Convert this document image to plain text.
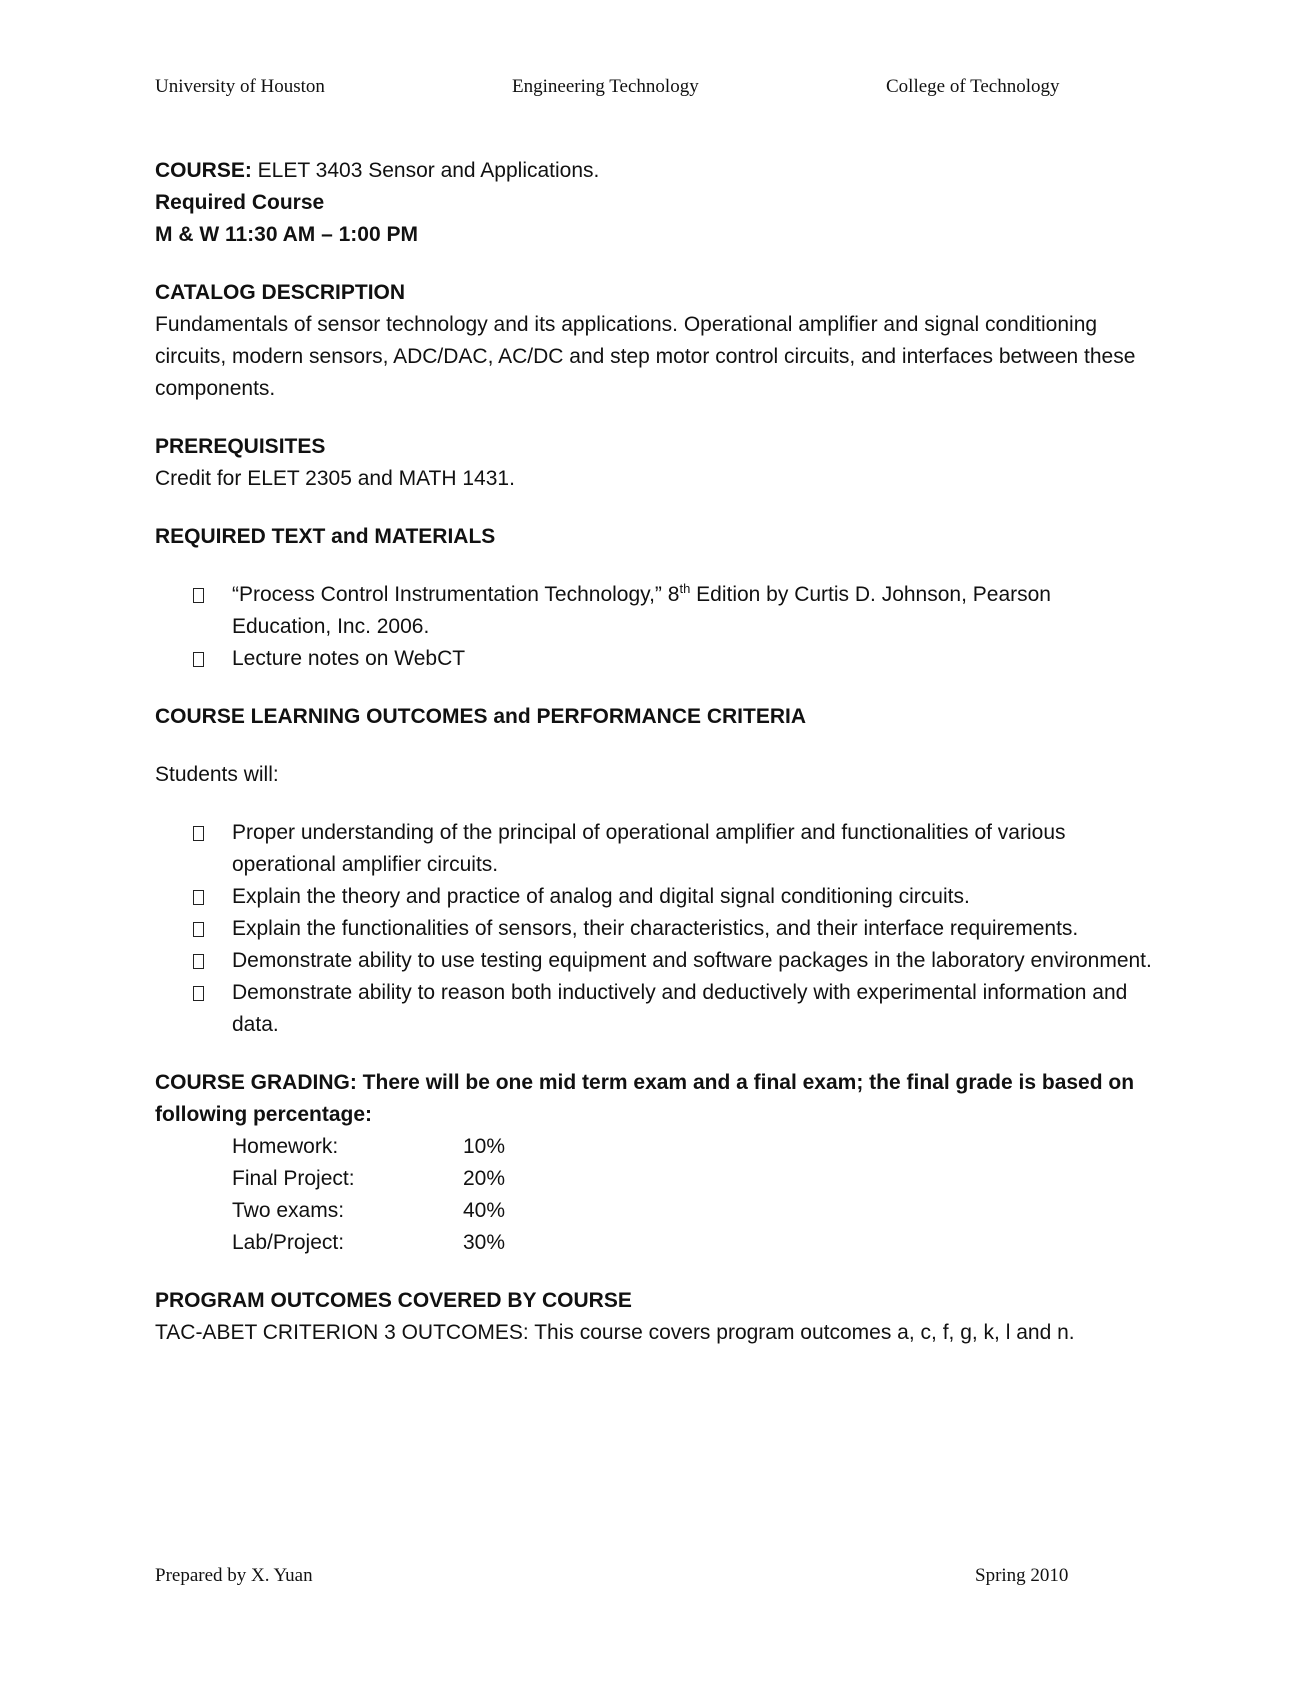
University of Houston	Engineering Technology	College of Technology

COURSE: ELET 3403 Sensor and Applications.

Required Course

M & W 11:30 AM – 1:00 PM

CATALOG DESCRIPTION

Fundamentals of sensor technology and its applications. Operational amplifier and signal conditioning circuits, modern sensors, ADC/DAC, AC/DC and step motor control circuits, and interfaces between these components.

PREREQUISITES

Credit for ELET 2305 and MATH 1431.

REQUIRED TEXT and MATERIALS

“Process Control Instrumentation Technology,” 8th Edition by Curtis D. Johnson, Pearson Education, Inc. 2006.
Lecture notes on WebCT

COURSE LEARNING OUTCOMES and PERFORMANCE CRITERIA

Students will:

Proper understanding of the principal of operational amplifier and functionalities of various operational amplifier circuits.
Explain the theory and practice of analog and digital signal conditioning circuits.
Explain the functionalities of sensors, their characteristics, and their interface requirements.
Demonstrate ability to use testing equipment and software packages in the laboratory environment.
Demonstrate ability to reason both inductively and deductively with experimental information and data.

COURSE GRADING: There will be one mid term exam and a final exam; the final grade is based on following percentage:

Homework:	10%
Final Project:	20%
Two exams:	40%
Lab/Project:	30%

PROGRAM OUTCOMES COVERED BY COURSE

TAC-ABET CRITERION 3 OUTCOMES: This course covers program outcomes a, c, f, g, k, l and n.

Prepared by X. Yuan	Spring 2010
